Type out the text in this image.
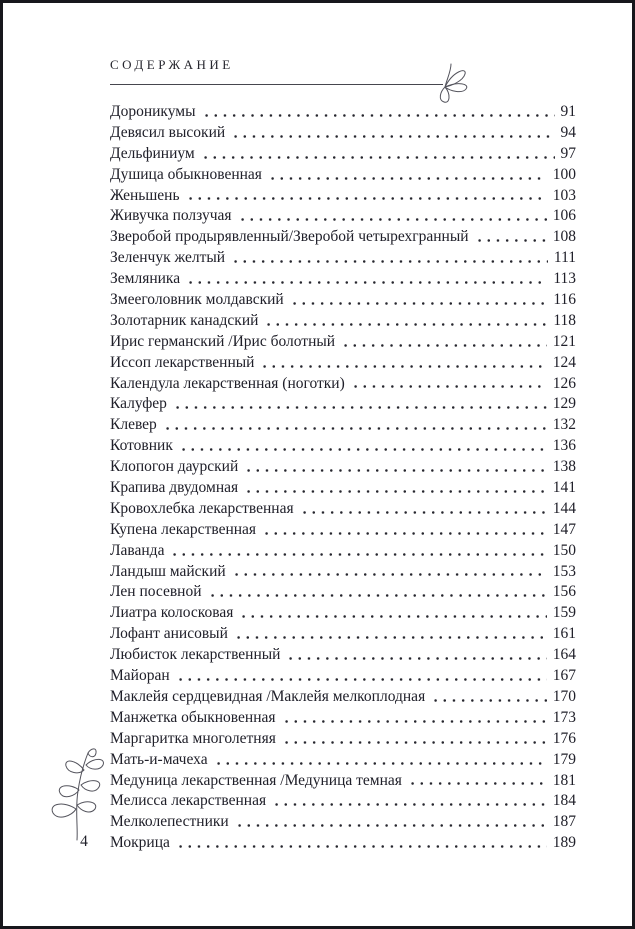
СОДЕРЖАНИЕ
Дороникумы	91
Девясил высокий	94
Дельфиниум	97
Душица обыкновенная	100
Женьшень	103
Живучка ползучая	106
Зверобой продырявленный/Зверобой четырехгранный	108
Зеленчук желтый	111
Земляника	113
Змееголовник молдавский	116
Золотарник канадский	118
Ирис германский /Ирис болотный	121
Иссоп лекарственный	124
Календула лекарственная (ноготки)	126
Калуфер	129
Клевер	132
Котовник	136
Клопогон даурский	138
Крапива двудомная	141
Кровохлебка лекарственная	144
Купена лекарственная	147
Лаванда	150
Ландыш майский	153
Лен посевной	156
Лиатра колосковая	159
Лофант анисовый	161
Любисток лекарственный	164
Майоран	167
Маклейя сердцевидная /Маклейя мелкоплодная	170
Манжетка обыкновенная	173
Маргаритка многолетняя	176
Мать-и-мачеха	179
Медуница лекарственная /Медуница темная	181
Мелисса лекарственная	184
Мелколепестники	187
Мокрица	189
4
